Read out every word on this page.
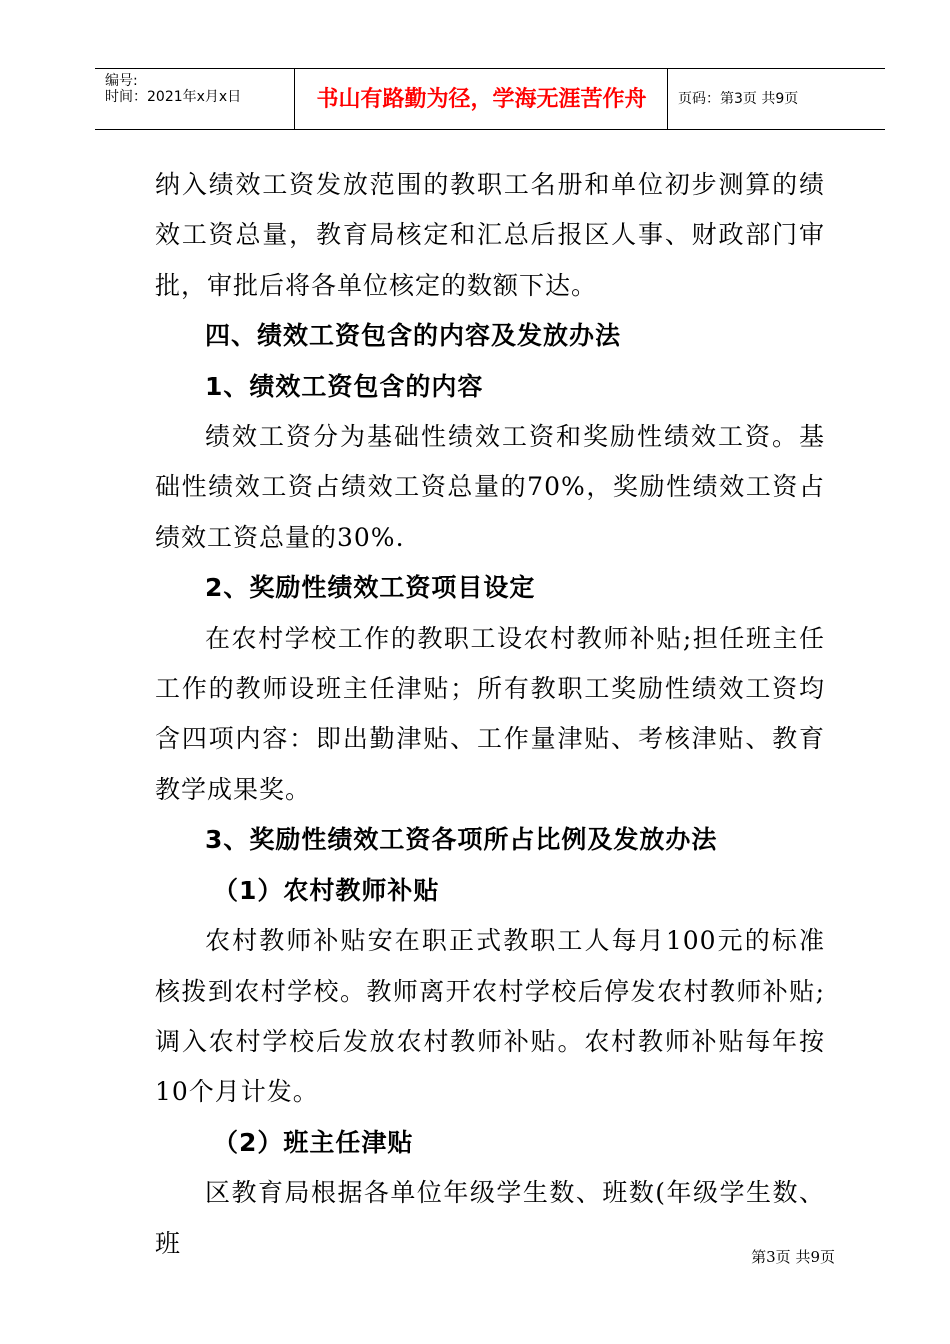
编号:
时间：2021年x月x日	书山有路勤为径，学海无涯苦作舟	页码：第3页 共9页

纳入绩效工资发放范围的教职工名册和单位初步测算的绩效工资总量，教育局核定和汇总后报区人事、财政部门审批，审批后将各单位核定的数额下达。

四、绩效工资包含的内容及发放办法

1、绩效工资包含的内容

绩效工资分为基础性绩效工资和奖励性绩效工资。基础性绩效工资占绩效工资总量的70%，奖励性绩效工资占绩效工资总量的30%.

2、奖励性绩效工资项目设定

在农村学校工作的教职工设农村教师补贴;担任班主任工作的教师设班主任津贴；所有教职工奖励性绩效工资均含四项内容：即出勤津贴、工作量津贴、考核津贴、教育教学成果奖。

3、奖励性绩效工资各项所占比例及发放办法

（1）农村教师补贴

农村教师补贴安在职正式教职工人每月100元的标准核拨到农村学校。教师离开农村学校后停发农村教师补贴;调入农村学校后发放农村教师补贴。农村教师补贴每年按10个月计发。

（2）班主任津贴

区教育局根据各单位年级学生数、班数(年级学生数、班	第3页 共9页
